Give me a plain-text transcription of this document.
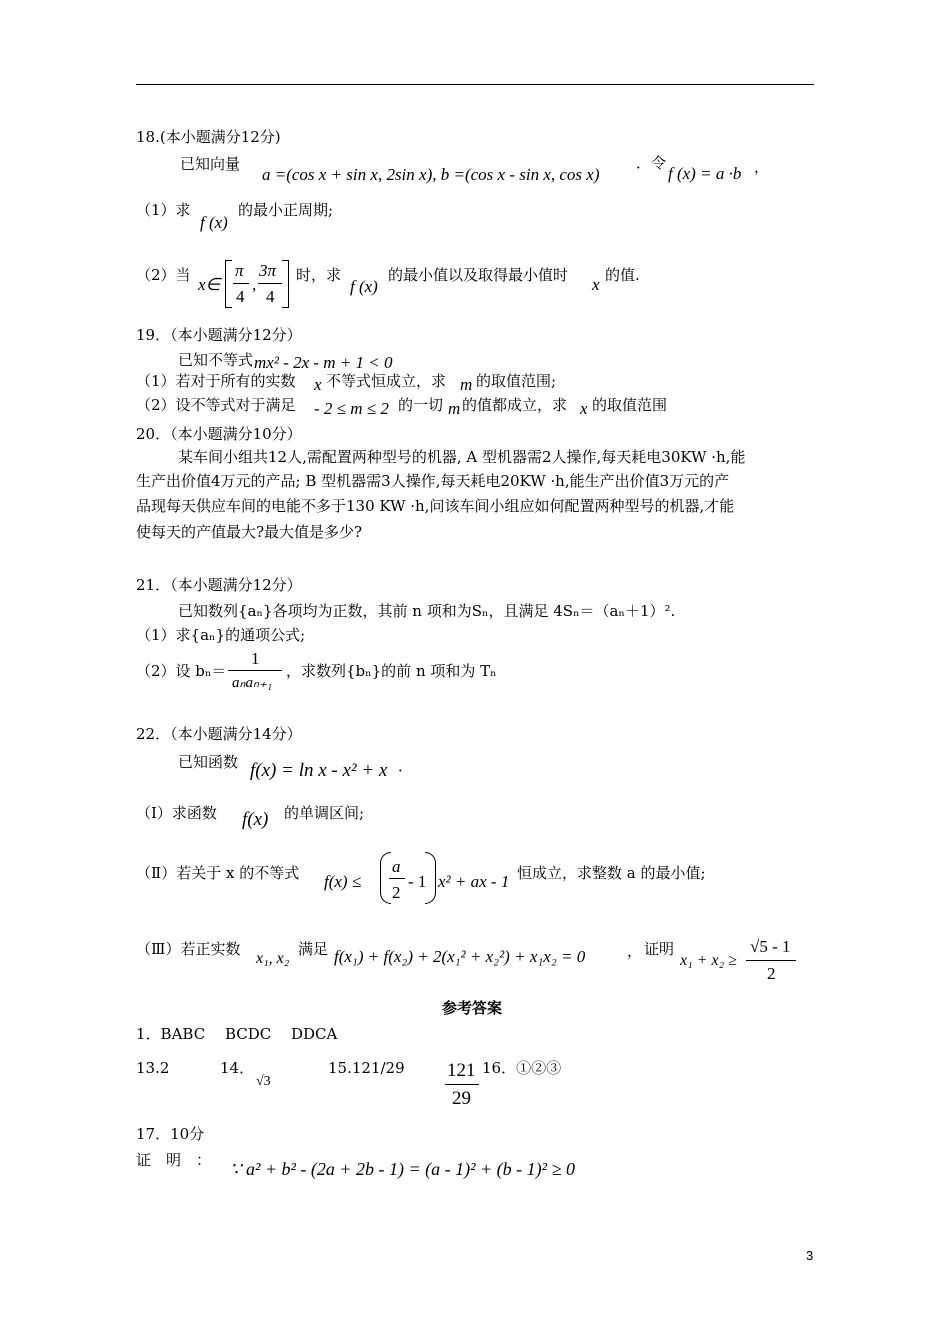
18.(本小题满分12分)
已知向量
a =(cos x + sin x, 2sin x), b =(cos x - sin x, cos x)
．令
f (x) = a ·b ，
（1）求
f (x)
的最小正周期;
（2）当 x∈
π
4
,
3π
4
时，求
f (x)
的最小值以及取得最小值时 x 的值.
19．（本小题满分12分）
已知不等式 mx² - 2x - m + 1 < 0
（1）若对于所有的实数 x 不等式恒成立，求 m 的取值范围;
（2）设不等式对于满足 - 2 ≤ m ≤ 2 的一切 m 的值都成立，求 x 的取值范围
20．（本小题满分10分）
某车间小组共12人,需配置两种型号的机器, A 型机器需2人操作,每天耗电30KW ·h,能
生产出价值4万元的产品; B 型机器需3人操作,每天耗电20KW ·h,能生产出价值3万元的产
品现每天供应车间的电能不多于130 KW ·h,问该车间小组应如何配置两种型号的机器,才能
使每天的产值最大?最大值是多少?
21．（本小题满分12分）
已知数列{aₙ}各项均为正数，其前 n 项和为Sₙ，且满足 4Sₙ＝（aₙ＋1）².
（1）求{aₙ}的通项公式;
（2）设 bₙ＝
1
aₙaₙ₊₁
，求数列{bₙ}的前 n 项和为 Tₙ
22．（本小题满分14分）
已知函数 f(x) = ln x - x² + x ．
（Ⅰ）求函数 f(x) 的单调区间;
（Ⅱ）若关于 x 的不等式 f(x) ≤
a
2
- 1 x² + ax - 1 恒成立，求整数 a 的最小值;
（Ⅲ）若正实数
x₁, x₂
满足 f(x₁) + f(x₂) + 2(x₁² + x₂²) + x₁x₂ = 0	， 证明
x₁ + x₂ ≥
√5 - 1
2
参考答案
1．BABC　 BCDC　 DDCA
13.2	14．
√3
15.121/29 121
29
16．①②③
17．10分
证　明　： ∵ a² + b² - (2a + 2b - 1) = (a - 1)² + (b - 1)² ≥ 0
3
